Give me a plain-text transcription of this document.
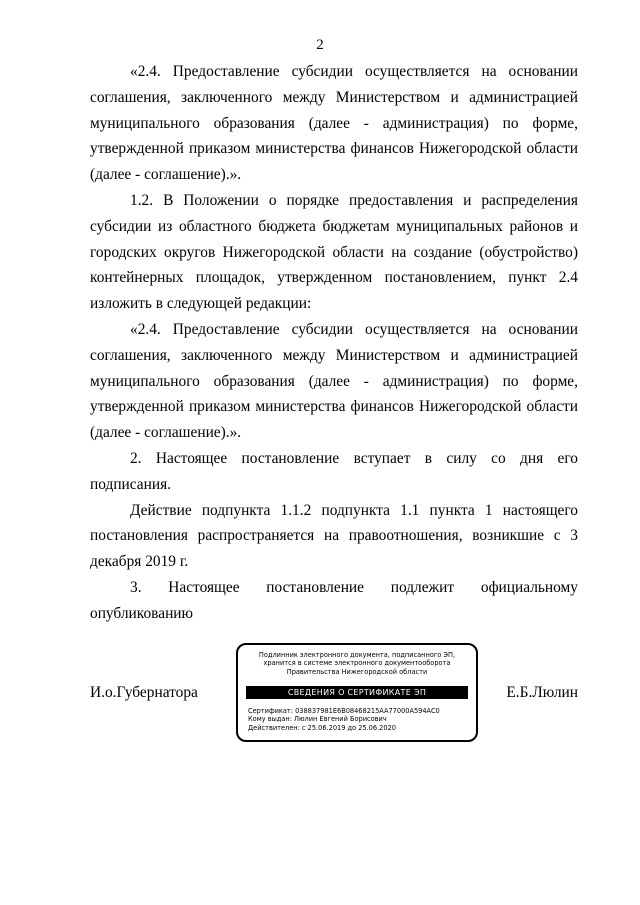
2

«2.4. Предоставление субсидии осуществляется на основании соглашения, заключенного между Министерством и администрацией муниципального образования (далее - администрация) по форме, утвержденной приказом министерства финансов Нижегородской области (далее - соглашение).».

1.2. В Положении о порядке предоставления и распределения субсидии из областного бюджета бюджетам муниципальных районов и городских округов Нижегородской области на создание (обустройство) контейнерных площадок, утвержденном постановлением, пункт 2.4 изложить в следующей редакции:

«2.4. Предоставление субсидии осуществляется на основании соглашения, заключенного между Министерством и администрацией муниципального образования (далее - администрация) по форме, утвержденной приказом министерства финансов Нижегородской области (далее - соглашение).».

2. Настоящее постановление вступает в силу со дня его подписания.

Действие подпункта 1.1.2 подпункта 1.1 пункта 1 настоящего постановления распространяется на правоотношения, возникшие с 3 декабря 2019 г.

3. Настоящее постановление подлежит официальному опубликованию

И.о.Губернатора	Е.Б.Люлин
Подлинник электронного документа, подписанного ЭП,
хранится в системе электронного документооборота
Правительства Нижегородской области
СВЕДЕНИЯ О СЕРТИФИКАТЕ ЭП
Сертификат: 038837981E6B08468215AA77000A594AC0
Кому выдан: Люлин Евгений Борисович
Действителен: с 25.06.2019 до 25.06.2020
